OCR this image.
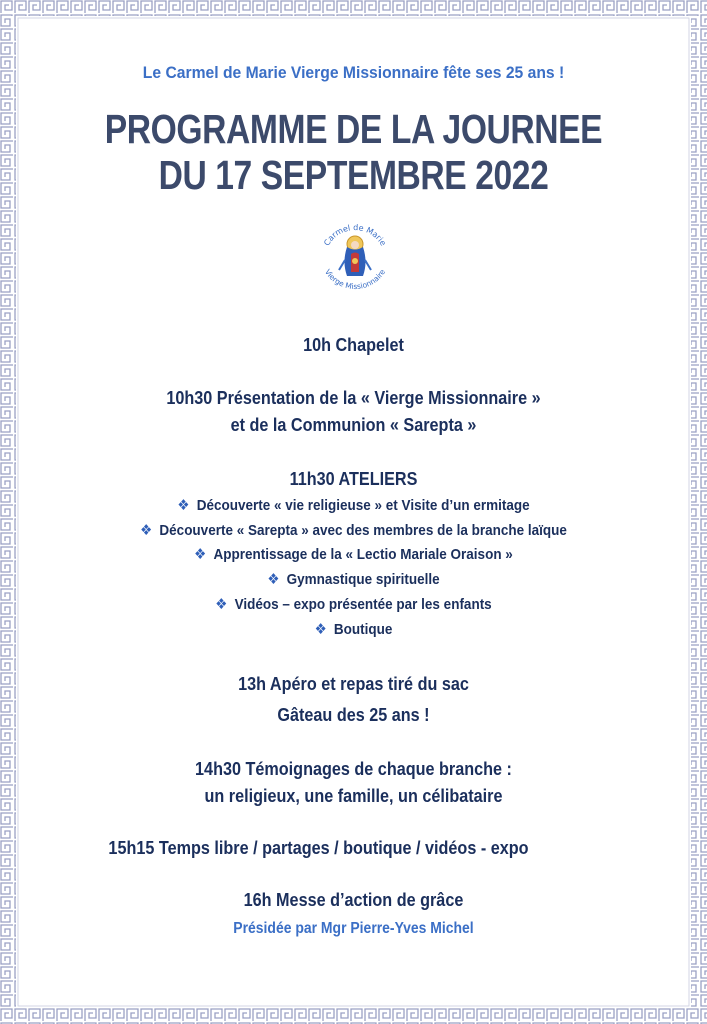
Le Carmel de Marie Vierge Missionnaire fête ses 25 ans !
PROGRAMME DE LA JOURNEE
DU 17 SEPTEMBRE 2022
Carmel de Marie
Vierge Missionnaire
10h Chapelet
10h30 Présentation de la « Vierge Missionnaire »
et de la Communion « Sarepta »
11h30 ATELIERS
❖ Découverte « vie religieuse » et Visite d’un ermitage
❖ Découverte « Sarepta » avec des membres de la branche laïque
❖ Apprentissage de la « Lectio Mariale Oraison »
❖ Gymnastique spirituelle
❖ Vidéos – expo présentée par les enfants
❖ Boutique
13h Apéro et repas tiré du sac
Gâteau des 25 ans !
14h30 Témoignages de chaque branche :
un religieux, une famille, un célibataire
15h15 Temps libre / partages / boutique / vidéos - expo
16h Messe d’action de grâce
Présidée par Mgr Pierre-Yves Michel
